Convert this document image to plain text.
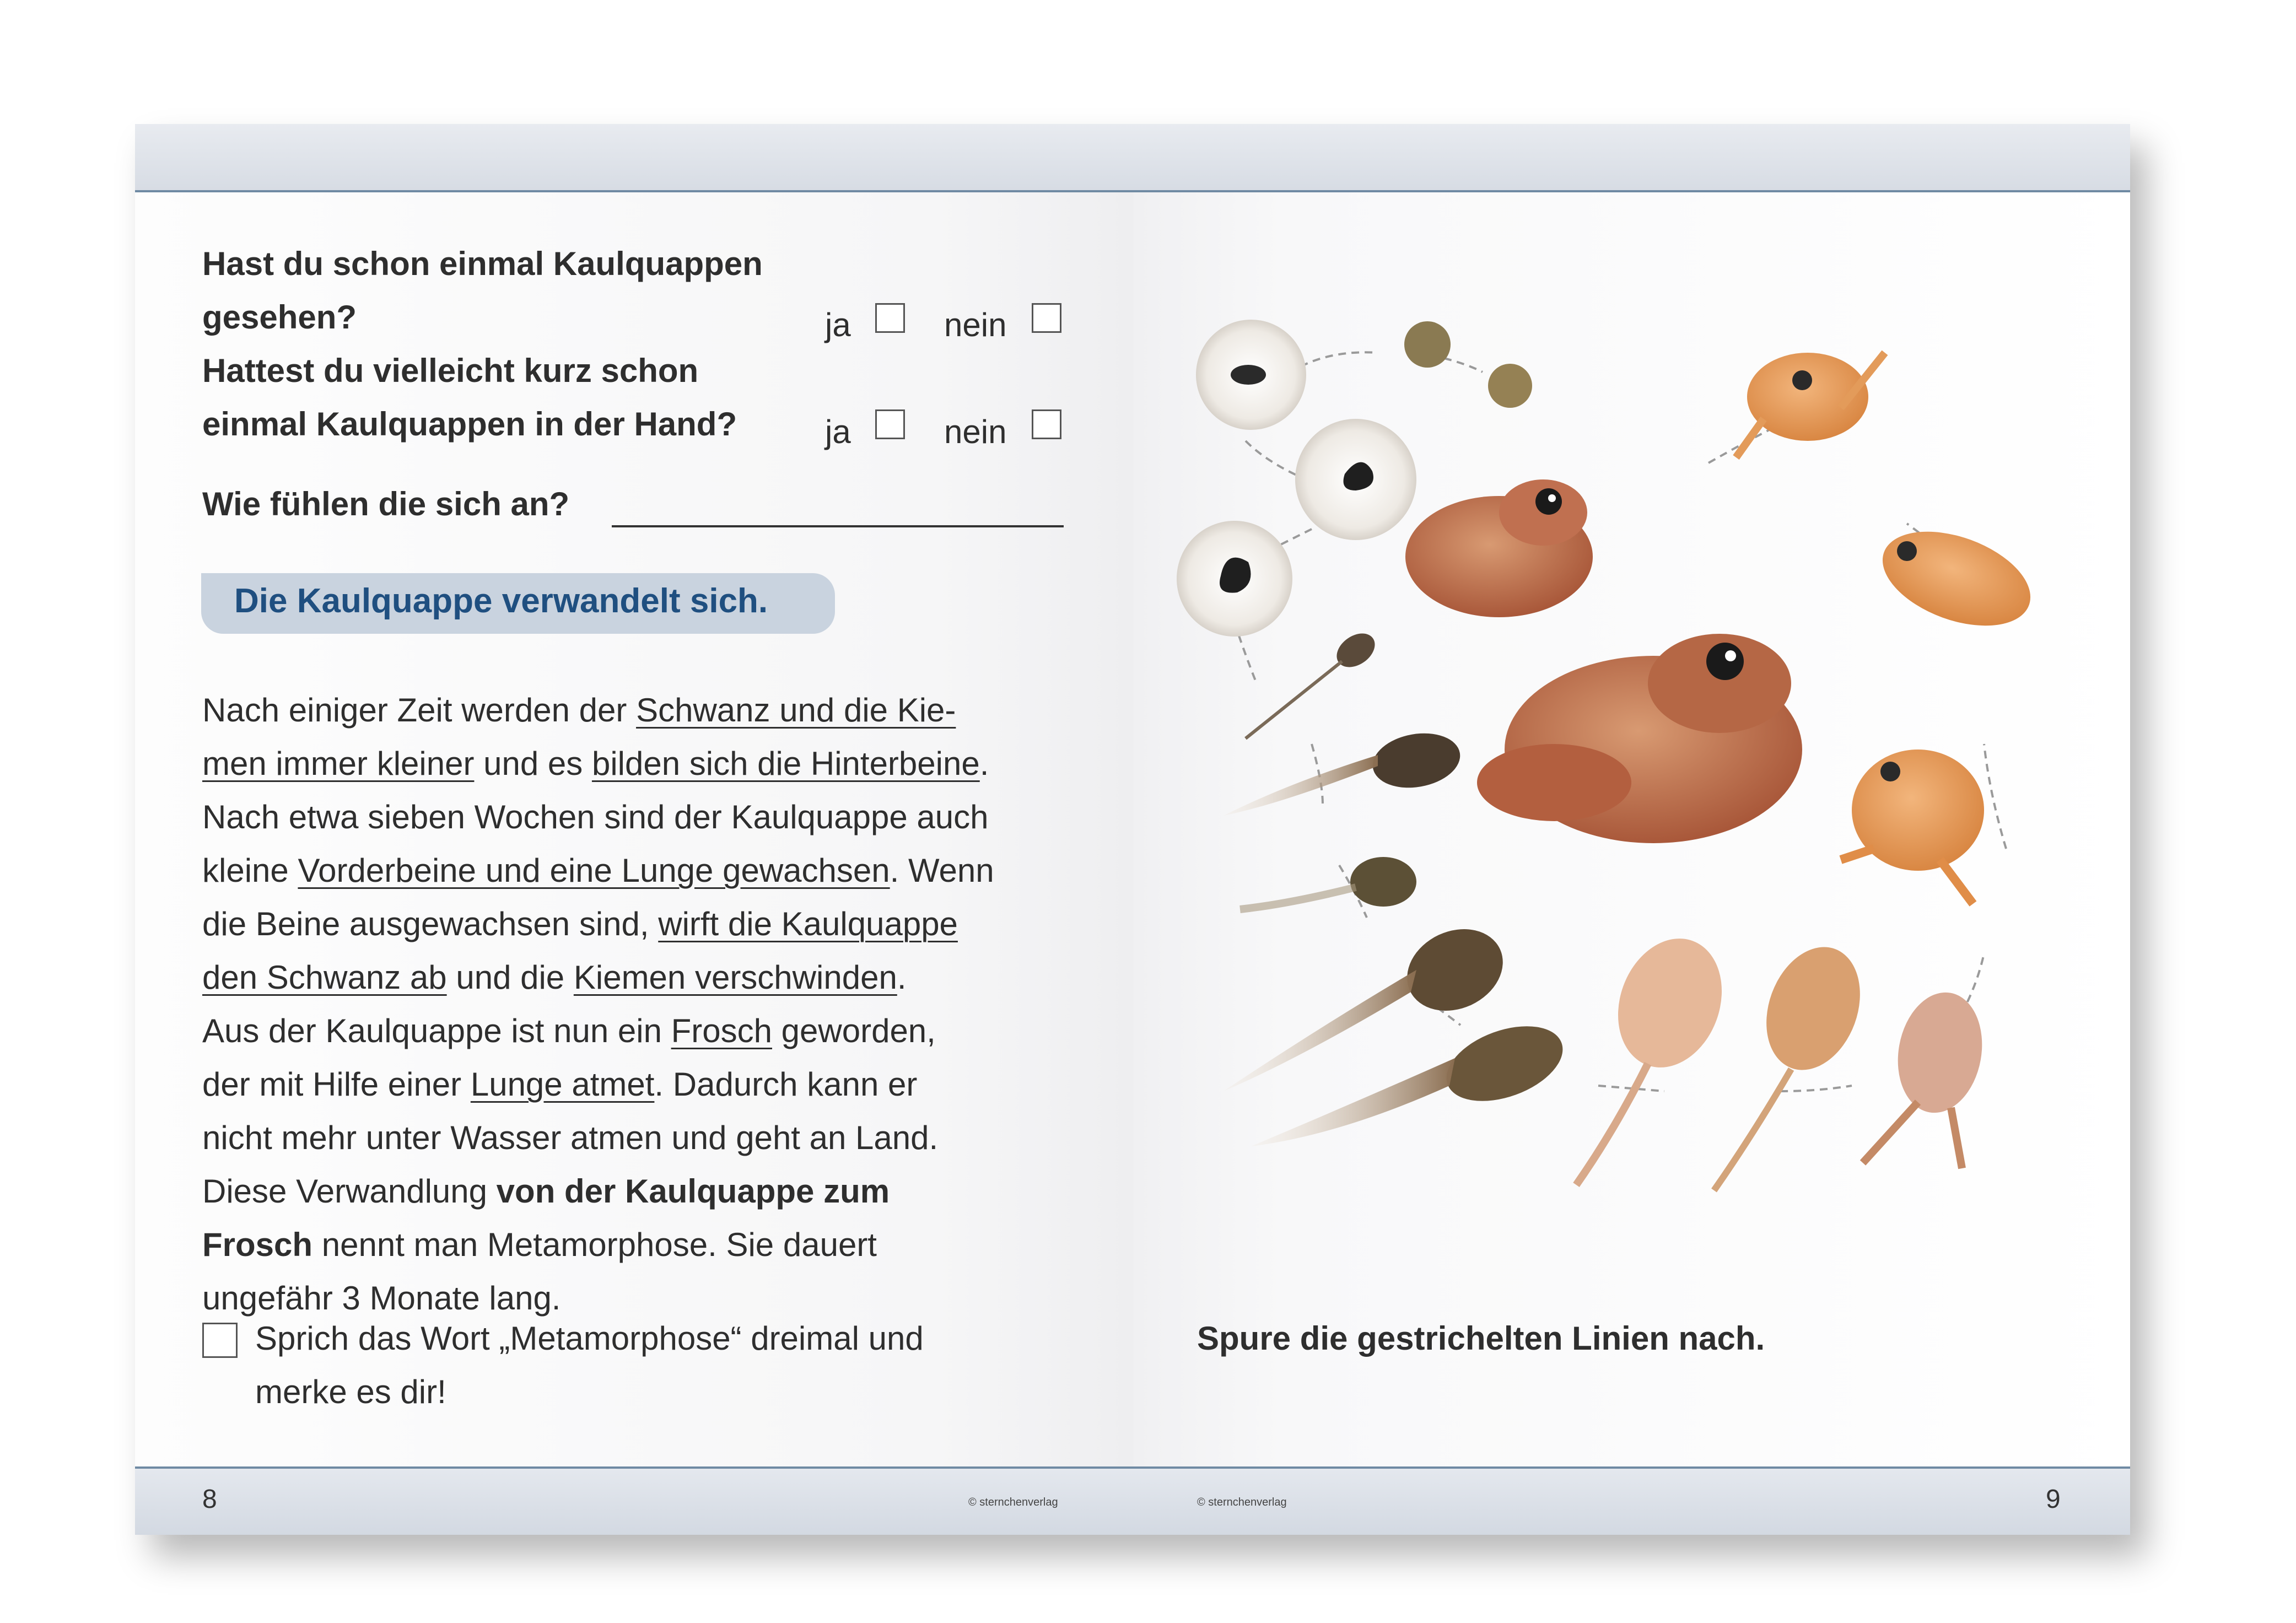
Hast du schon einmal Kaulquappen
gesehen?	ja	nein
Hattest du vielleicht kurz schon
einmal Kaulquappen in der Hand?	ja	nein
Wie fühlen die sich an?
Die Kaulquappe verwandelt sich.
Nach einiger Zeit werden der Schwanz und die Kie-
men immer kleiner und es bilden sich die Hinterbeine.
Nach etwa sieben Wochen sind der Kaulquappe auch
kleine Vorderbeine und eine Lunge gewachsen. Wenn
die Beine ausgewachsen sind, wirft die Kaulquappe
den Schwanz ab und die Kiemen verschwinden.
Aus der Kaulquappe ist nun ein Frosch geworden,
der mit Hilfe einer Lunge atmet. Dadurch kann er
nicht mehr unter Wasser atmen und geht an Land.
Diese Verwandlung von der Kaulquappe zum
Frosch nennt man Metamorphose. Sie dauert
ungefähr 3 Monate lang.
Sprich das Wort „Metamorphose“ dreimal und
merke es dir!
8	© sternchenverlag
Spure die gestrichelten Linien nach.
© sternchenverlag	9
